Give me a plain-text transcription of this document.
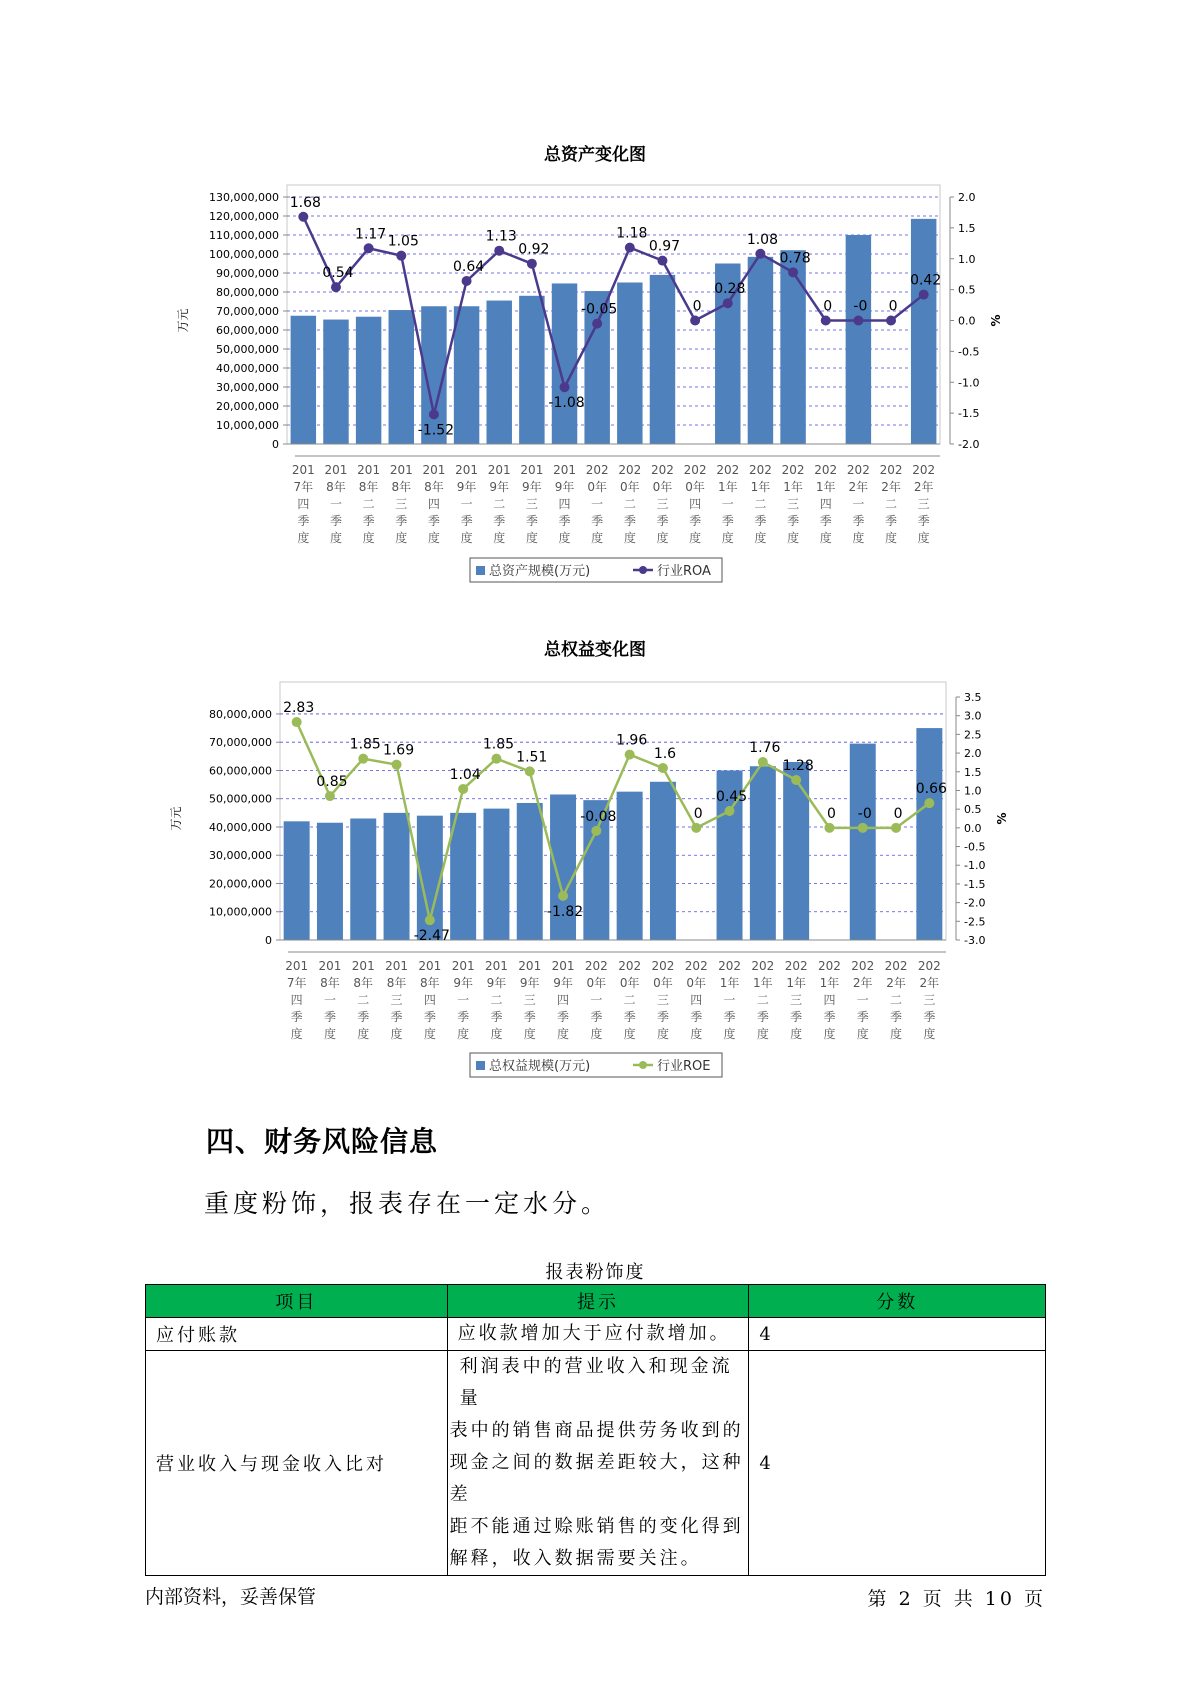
总资产变化图
0
10,000,000
20,000,000
30,000,000
40,000,000
50,000,000
60,000,000
70,000,000
80,000,000
90,000,000
100,000,000
110,000,000
120,000,000
130,000,000
-2.0
-1.5
-1.0
-0.5
0.0
0.5
1.0
1.5
2.0
万元	%
201 7年四季度
201 8年一季度
201 8年二季度
201 8年三季度
201 8年四季度
201 9年一季度
201 9年二季度
201 9年三季度
201 9年四季度
202 0年一季度
202 0年二季度
202 0年三季度
202 0年四季度
202 1年一季度
202 1年二季度
202 1年三季度
202 1年四季度
202 2年一季度
202 2年二季度
202 2年三季度
1.68
0.54
1.17 1.05
-1.52
0.64
1.13
0.92
-1.08
-0.05
1.18
0.97
0
0.28
1.08
0.78
0 -0 0
0.42
总资产规模(万元)	行业ROA
总权益变化图
0
10,000,000
20,000,000
30,000,000
40,000,000
50,000,000
60,000,000
70,000,000
80,000,000
-3.0
-2.5
-2.0
-1.5
-1.0
-0.5
0.0
0.5
1.0
1.5
2.0
2.5
3.0
3.5
万元	%
201 7年四季度
201 8年一季度
201 8年二季度
201 8年三季度
201 8年四季度
201 9年一季度
201 9年二季度
201 9年三季度
201 9年四季度
202 0年一季度
202 0年二季度
202 0年三季度
202 0年四季度
202 1年一季度
202 1年二季度
202 1年三季度
202 1年四季度
202 2年一季度
202 2年二季度
202 2年三季度
2.83
0.85
1.85 1.69
-2.47
1.04
1.85
1.51
-1.82
-0.08
1.96
1.6
0
0.45
1.76
1.28
0 -0 0
0.66
总权益规模(万元)	行业ROE
四、财务风险信息
重度粉饰，报表存在一定水分。
报表粉饰度
项目	提示	分数
应付账款	应收款增加大于应付款增加。	4
营业收入与现金收入比对	利润表中的营业收入和现金流量
表中的销售商品提供劳务收到的
现金之间的数据差距较大，这种差
距不能通过赊账销售的变化得到
解释，收入数据需要关注。	4
内部资料，妥善保管	第 2 页 共 10 页
